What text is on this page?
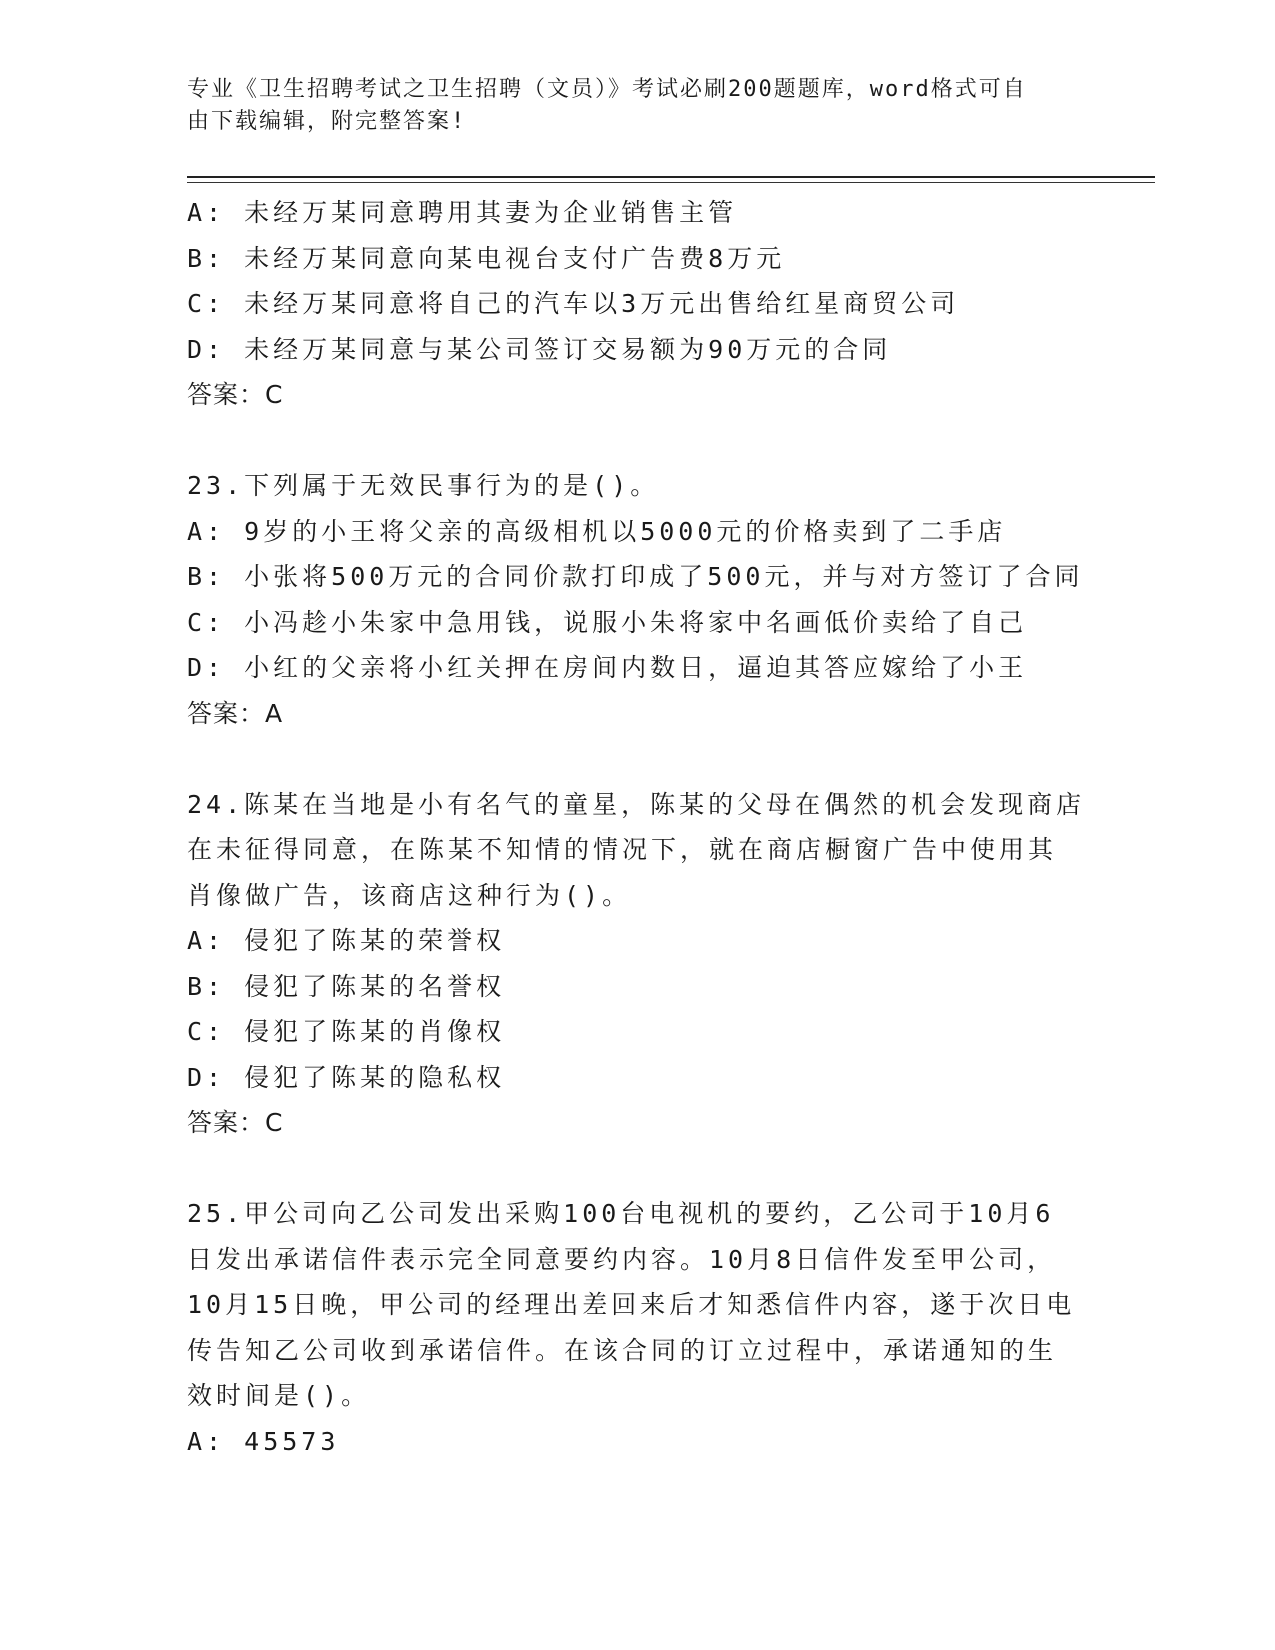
专业《卫生招聘考试之卫生招聘（文员）》考试必刷200题题库，word格式可自
由下载编辑，附完整答案!
A: 未经万某同意聘用其妻为企业销售主管
B: 未经万某同意向某电视台支付广告费8万元
C: 未经万某同意将自己的汽车以3万元出售给红星商贸公司
D: 未经万某同意与某公司签订交易额为90万元的合同
答案：C
23.下列属于无效民事行为的是()。
A: 9岁的小王将父亲的高级相机以5000元的价格卖到了二手店
B: 小张将500万元的合同价款打印成了500元，并与对方签订了合同
C: 小冯趁小朱家中急用钱，说服小朱将家中名画低价卖给了自己
D: 小红的父亲将小红关押在房间内数日，逼迫其答应嫁给了小王
答案：A
24.陈某在当地是小有名气的童星，陈某的父母在偶然的机会发现商店
在未征得同意，在陈某不知情的情况下，就在商店橱窗广告中使用其
肖像做广告，该商店这种行为()。
A: 侵犯了陈某的荣誉权
B: 侵犯了陈某的名誉权
C: 侵犯了陈某的肖像权
D: 侵犯了陈某的隐私权
答案：C
25.甲公司向乙公司发出采购100台电视机的要约，乙公司于10月6
日发出承诺信件表示完全同意要约内容。10月8日信件发至甲公司，
10月15日晚，甲公司的经理出差回来后才知悉信件内容，遂于次日电
传告知乙公司收到承诺信件。在该合同的订立过程中，承诺通知的生
效时间是()。
A: 45573
